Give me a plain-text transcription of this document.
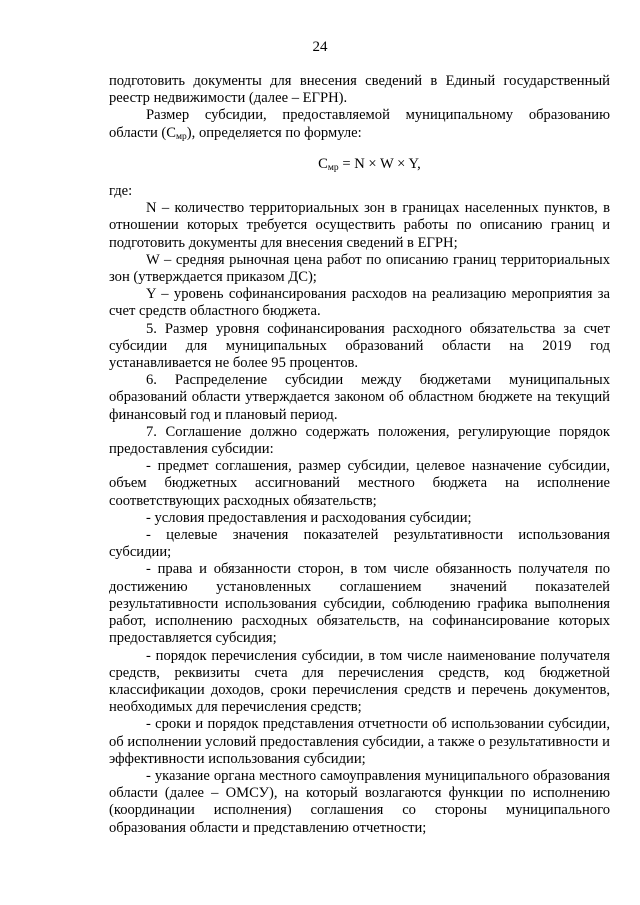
24

подготовить документы для внесения сведений в Единый государственный реестр недвижимости (далее – ЕГРН).

Размер субсидии, предоставляемой муниципальному образованию области $(С_{мр})$, определяется по формуле:

$С_{мр} = N \times W \times Y$,

где:

N – количество территориальных зон в границах населенных пунктов, в отношении которых требуется осуществить работы по описанию границ и подготовить документы для внесения сведений в ЕГРН;

W – средняя рыночная цена работ по описанию границ территориальных зон (утверждается приказом ДС);

Y – уровень софинансирования расходов на реализацию мероприятия за счет средств областного бюджета.

5. Размер уровня софинансирования расходного обязательства за счет субсидии для муниципальных образований области на 2019 год устанавливается не более 95 процентов.

6. Распределение субсидии между бюджетами муниципальных образований области утверждается законом об областном бюджете на текущий финансовый год и плановый период.

7. Соглашение должно содержать положения, регулирующие порядок предоставления субсидии:

- предмет соглашения, размер субсидии, целевое назначение субсидии, объем бюджетных ассигнований местного бюджета на исполнение соответствующих расходных обязательств;

- условия предоставления и расходования субсидии;

- целевые значения показателей результативности использования субсидии;

- права и обязанности сторон, в том числе обязанность получателя по достижению установленных соглашением значений показателей результативности использования субсидии, соблюдению графика выполнения работ, исполнению расходных обязательств, на софинансирование которых предоставляется субсидия;

- порядок перечисления субсидии, в том числе наименование получателя средств, реквизиты счета для перечисления средств, код бюджетной классификации доходов, сроки перечисления средств и перечень документов, необходимых для перечисления средств;

- сроки и порядок представления отчетности об использовании субсидии, об исполнении условий предоставления субсидии, а также о результативности и эффективности использования субсидии;

- указание органа местного самоуправления муниципального образования области (далее – ОМСУ), на который возлагаются функции по исполнению (координации исполнения) соглашения со стороны муниципального образования области и представлению отчетности;
